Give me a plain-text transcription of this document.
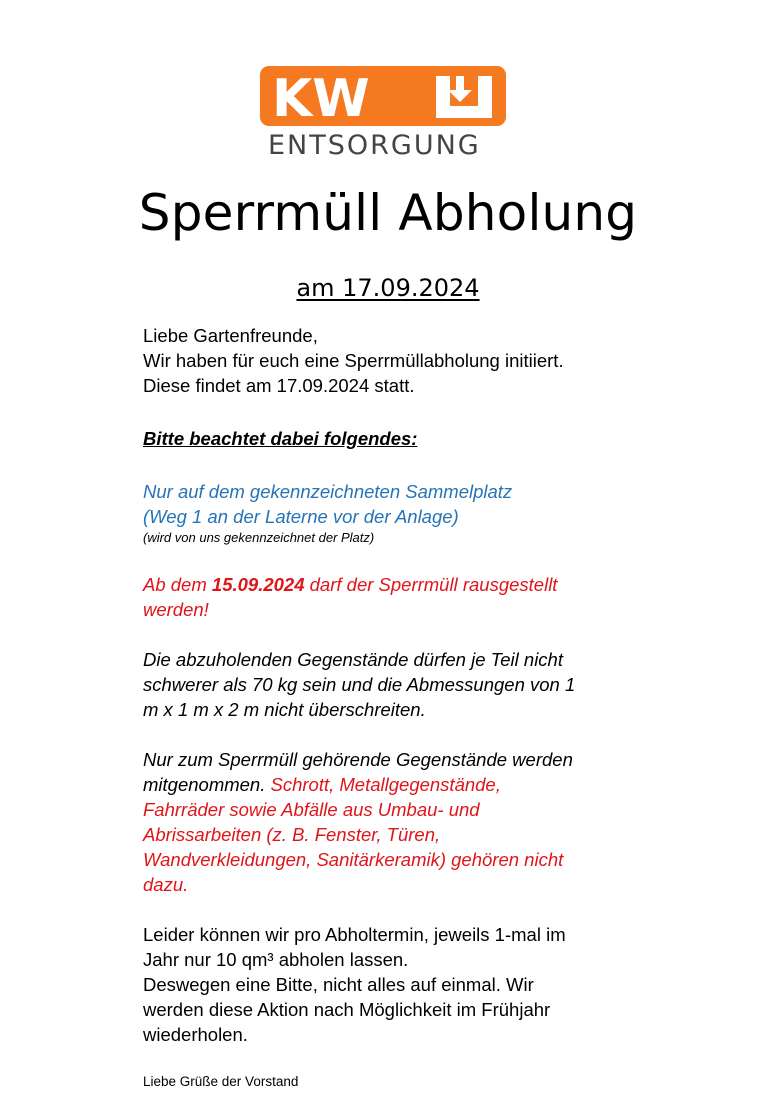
KW
ENTSORGUNG
Sperrmüll Abholung
am 17.09.2024

Liebe Gartenfreunde,

Wir haben für euch eine Sperrmüllabholung initiiert.

Diese findet am 17.09.2024 statt.

Bitte beachtet dabei folgendes:

Nur auf dem gekennzeichneten Sammelplatz

(Weg 1 an der Laterne vor der Anlage)

(wird von uns gekennzeichnet der Platz)

Ab dem 15.09.2024 darf der Sperrmüll rausgestellt

werden!

Die abzuholenden Gegenstände dürfen je Teil nicht

schwerer als 70 kg sein und die Abmessungen von 1

m x 1 m x 2 m nicht überschreiten.

Nur zum Sperrmüll gehörende Gegenstände werden

mitgenommen. Schrott, Metallgegenstände,

Fahrräder sowie Abfälle aus Umbau- und

Abrissarbeiten (z. B. Fenster, Türen,

Wandverkleidungen, Sanitärkeramik) gehören nicht

dazu.

Leider können wir pro Abholtermin, jeweils 1-mal im

Jahr nur 10 qm³ abholen lassen.

Deswegen eine Bitte, nicht alles auf einmal. Wir

werden diese Aktion nach Möglichkeit im Frühjahr

wiederholen.

Liebe Grüße der Vorstand
